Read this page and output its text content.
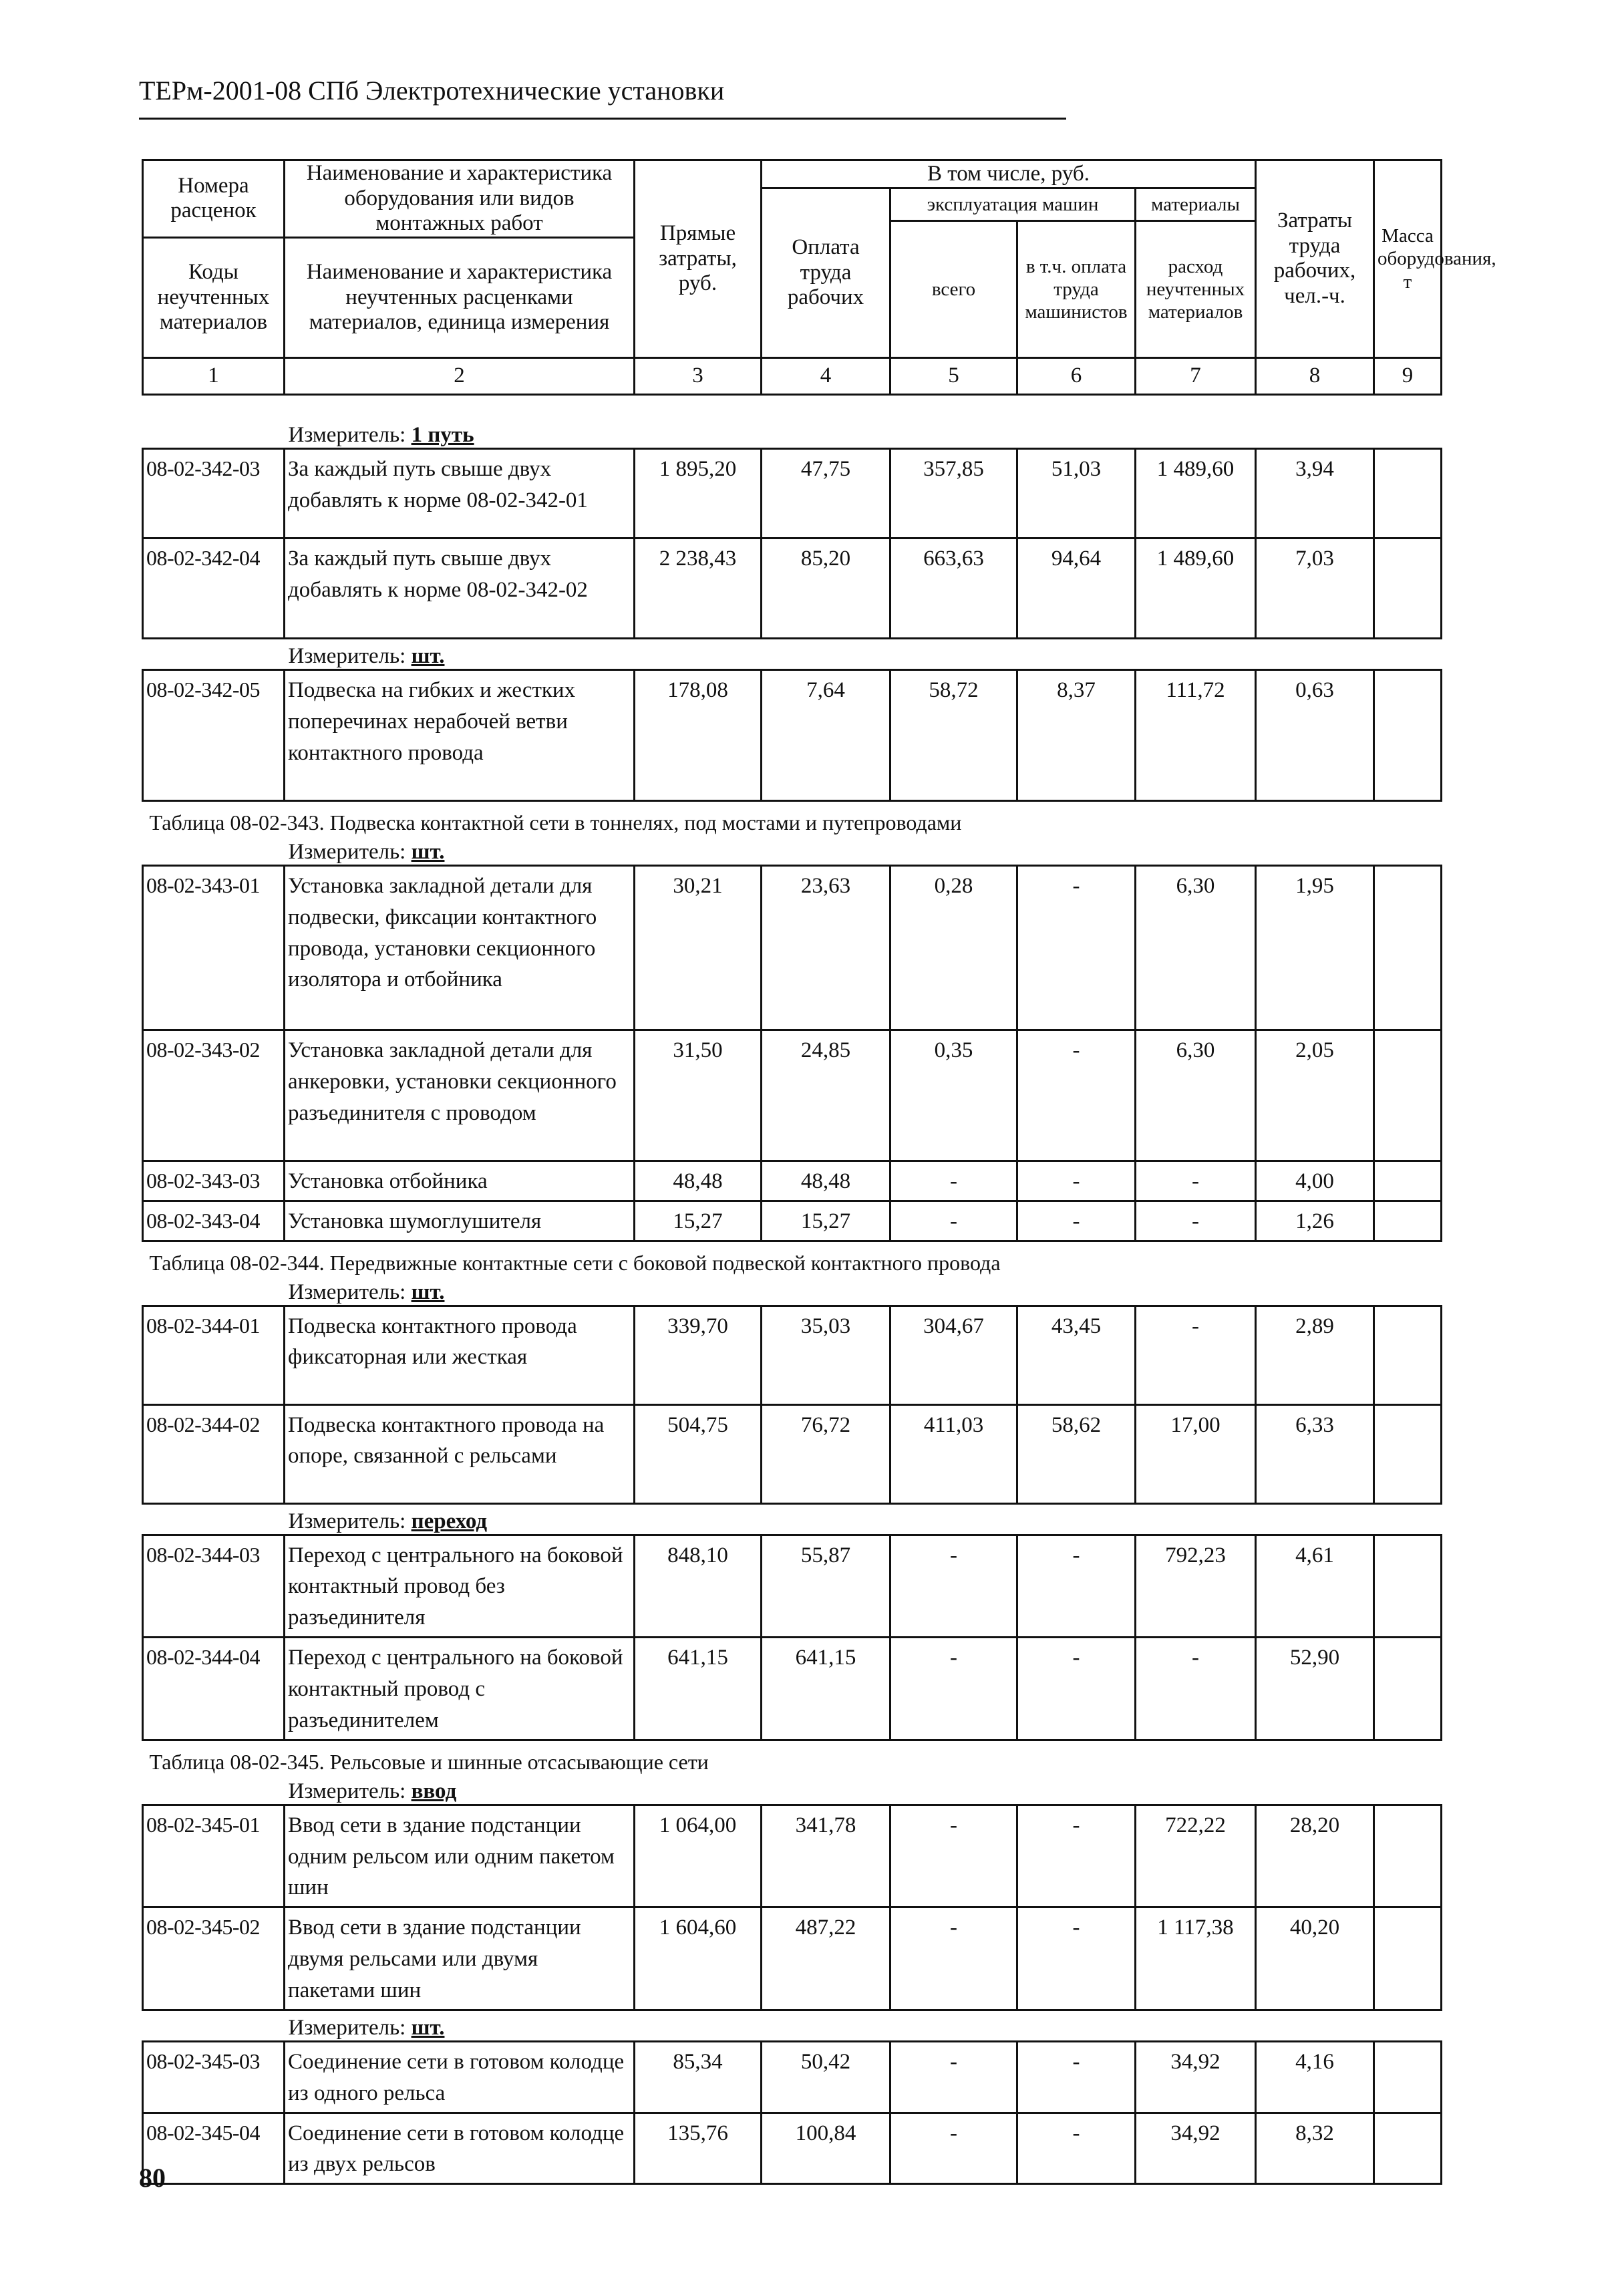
ТЕРм-2001-08 СПб Электротехнические установки
Номера расценок	Наименование и характеристика оборудования или видов монтажных работ	Прямые затраты, руб.	В том числе, руб.				Затраты труда рабочих, чел.-ч.	Масса оборудования, т
			Оплата труда рабочих	эксплуатация машин		материалы		
				всего	в т.ч. оплата труда машинистов	расход неучтенных материалов		
Коды неучтенных материалов	Наименование и характеристика неучтенных расценками материалов, единица измерения							

1	2	3	4	5	6	7	8	9

Измеритель: 1 путь								
08-02-342-03	За каждый путь свыше двух добавлять к норме 08-02-342-01	1 895,20	47,75	357,85	51,03	1 489,60	3,94	
08-02-342-04	За каждый путь свыше двух добавлять к норме 08-02-342-02	2 238,43	85,20	663,63	94,64	1 489,60	7,03	
Измеритель: шт.								
08-02-342-05	Подвеска на гибких и жестких поперечинах нерабочей ветви контактного провода	178,08	7,64	58,72	8,37	111,72	0,63	
Таблица 08-02-343. Подвеска контактной сети в тоннелях, под мостами и путепроводами								
Измеритель: шт.								
08-02-343-01	Установка закладной детали для подвески, фиксации контактного провода, установки секционного изолятора и отбойника	30,21	23,63	0,28	-	6,30	1,95	
08-02-343-02	Установка закладной детали для анкеровки, установки секционного разъединителя с проводом	31,50	24,85	0,35	-	6,30	2,05	
08-02-343-03	Установка отбойника	48,48	48,48	-	-	-	4,00	
08-02-343-04	Установка шумоглушителя	15,27	15,27	-	-	-	1,26	
Таблица 08-02-344. Передвижные контактные сети с боковой подвеской контактного провода								
Измеритель: шт.								
08-02-344-01	Подвеска контактного провода фиксаторная или жесткая	339,70	35,03	304,67	43,45	-	2,89	
08-02-344-02	Подвеска контактного провода на опоре, связанной с рельсами	504,75	76,72	411,03	58,62	17,00	6,33	
Измеритель: переход								
08-02-344-03	Переход с центрального на боковой контактный провод без разъединителя	848,10	55,87	-	-	792,23	4,61	
08-02-344-04	Переход с центрального на боковой контактный провод с разъединителем	641,15	641,15	-	-	-	52,90	
Таблица 08-02-345. Рельсовые и шинные отсасывающие сети								
Измеритель: ввод								
08-02-345-01	Ввод сети в здание подстанции одним рельсом или одним пакетом шин	1 064,00	341,78	-	-	722,22	28,20	
08-02-345-02	Ввод сети в здание подстанции двумя рельсами или двумя пакетами шин	1 604,60	487,22	-	-	1 117,38	40,20	
Измеритель: шт.								
08-02-345-03	Соединение сети в готовом колодце из одного рельса	85,34	50,42	-	-	34,92	4,16	
08-02-345-04	Соединение сети в готовом колодце из двух рельсов	135,76	100,84	-	-	34,92	8,32	
80
